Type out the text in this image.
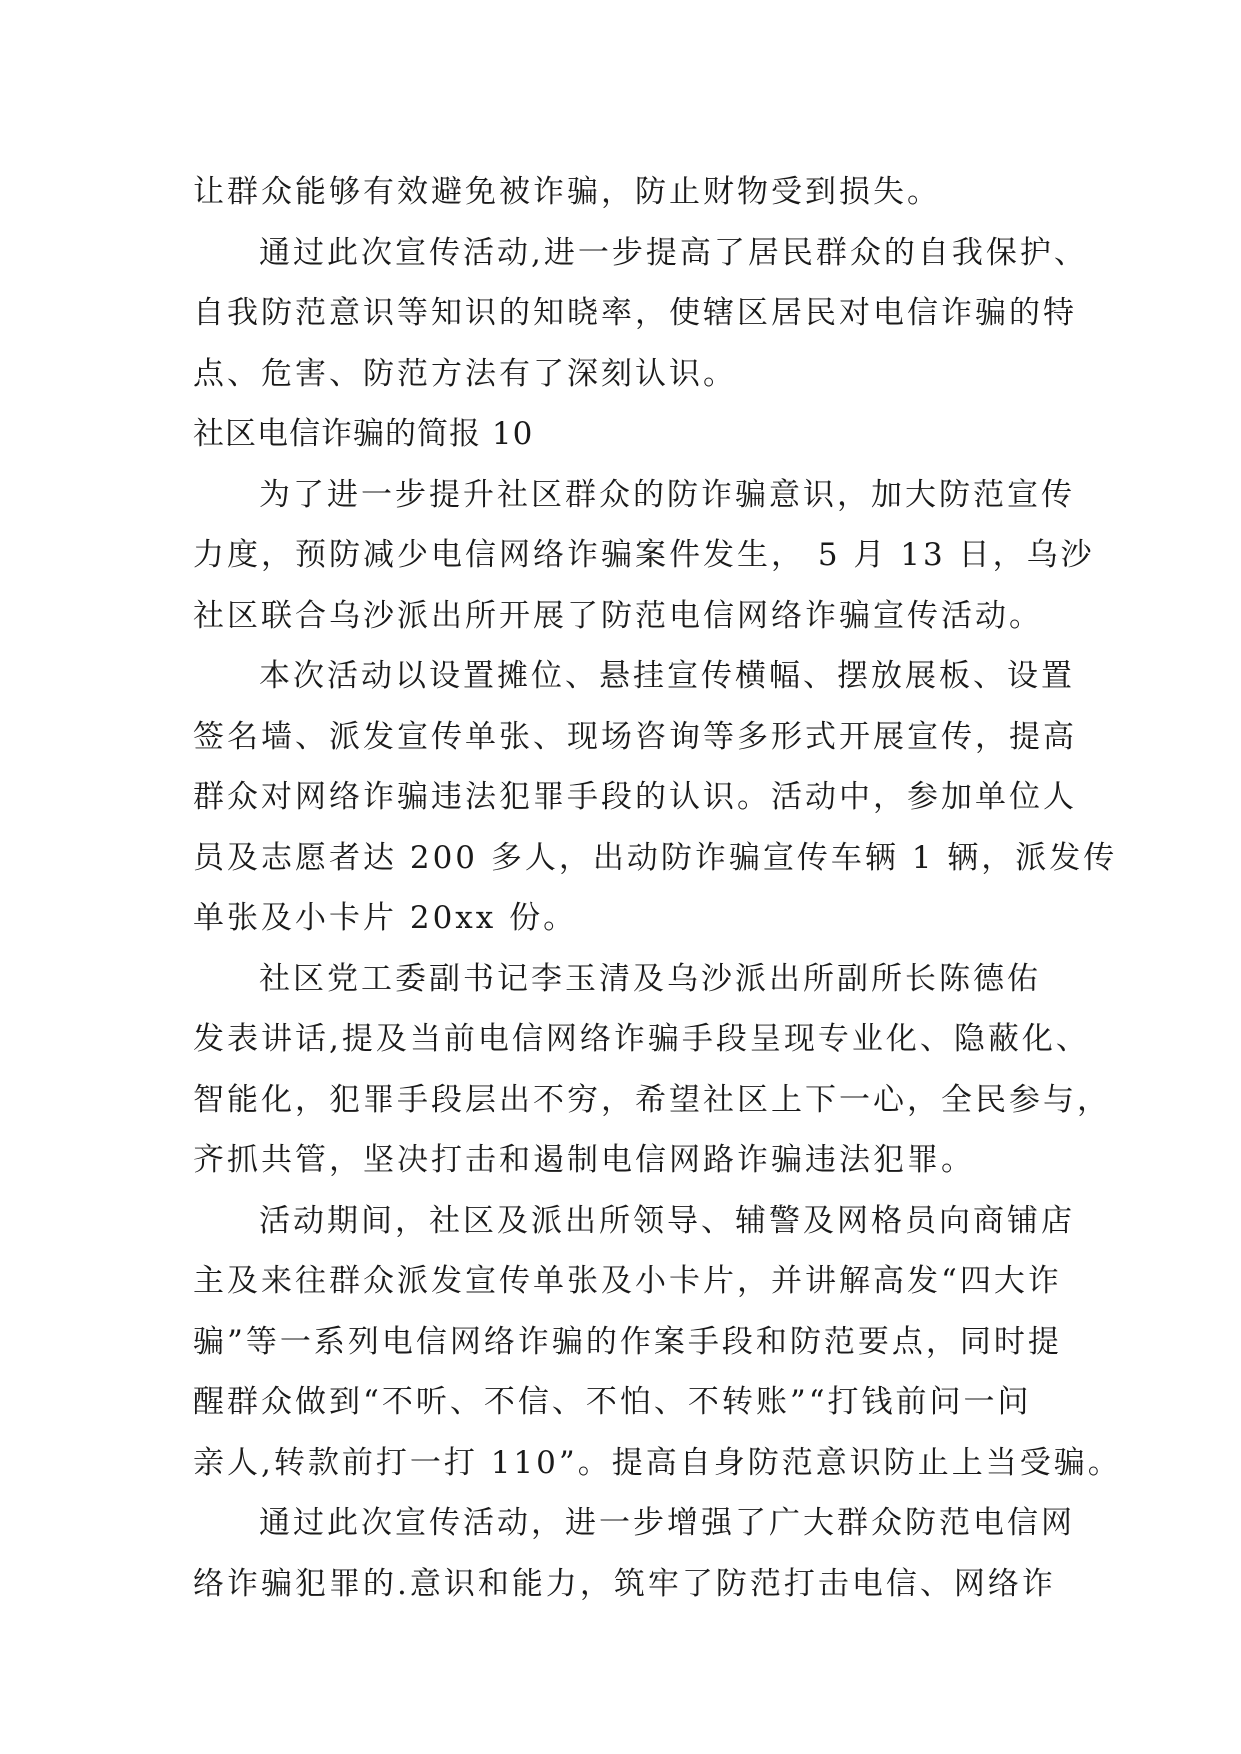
让群众能够有效避免被诈骗，防止财物受到损失。
通过此次宣传活动,进一步提高了居民群众的自我保护、
自我防范意识等知识的知晓率，使辖区居民对电信诈骗的特
点、危害、防范方法有了深刻认识。
社区电信诈骗的简报 10
为了进一步提升社区群众的防诈骗意识，加大防范宣传
力度，预防减少电信网络诈骗案件发生， 5 月 13 日，乌沙
社区联合乌沙派出所开展了防范电信网络诈骗宣传活动。
本次活动以设置摊位、悬挂宣传横幅、摆放展板、设置
签名墙、派发宣传单张、现场咨询等多形式开展宣传，提高
群众对网络诈骗违法犯罪手段的认识。活动中，参加单位人
员及志愿者达 200 多人，出动防诈骗宣传车辆 1 辆，派发传
单张及小卡片 20xx 份。
社区党工委副书记李玉清及乌沙派出所副所长陈德佑
发表讲话,提及当前电信网络诈骗手段呈现专业化、隐蔽化、
智能化，犯罪手段层出不穷，希望社区上下一心，全民参与，
齐抓共管，坚决打击和遏制电信网路诈骗违法犯罪。
活动期间，社区及派出所领导、辅警及网格员向商铺店
主及来往群众派发宣传单张及小卡片，并讲解高发“四大诈
骗”等一系列电信网络诈骗的作案手段和防范要点，同时提
醒群众做到“不听、不信、不怕、不转账”“打钱前问一问
亲人,转款前打一打 110”。提高自身防范意识防止上当受骗。
通过此次宣传活动，进一步增强了广大群众防范电信网
络诈骗犯罪的.意识和能力，筑牢了防范打击电信、网络诈
